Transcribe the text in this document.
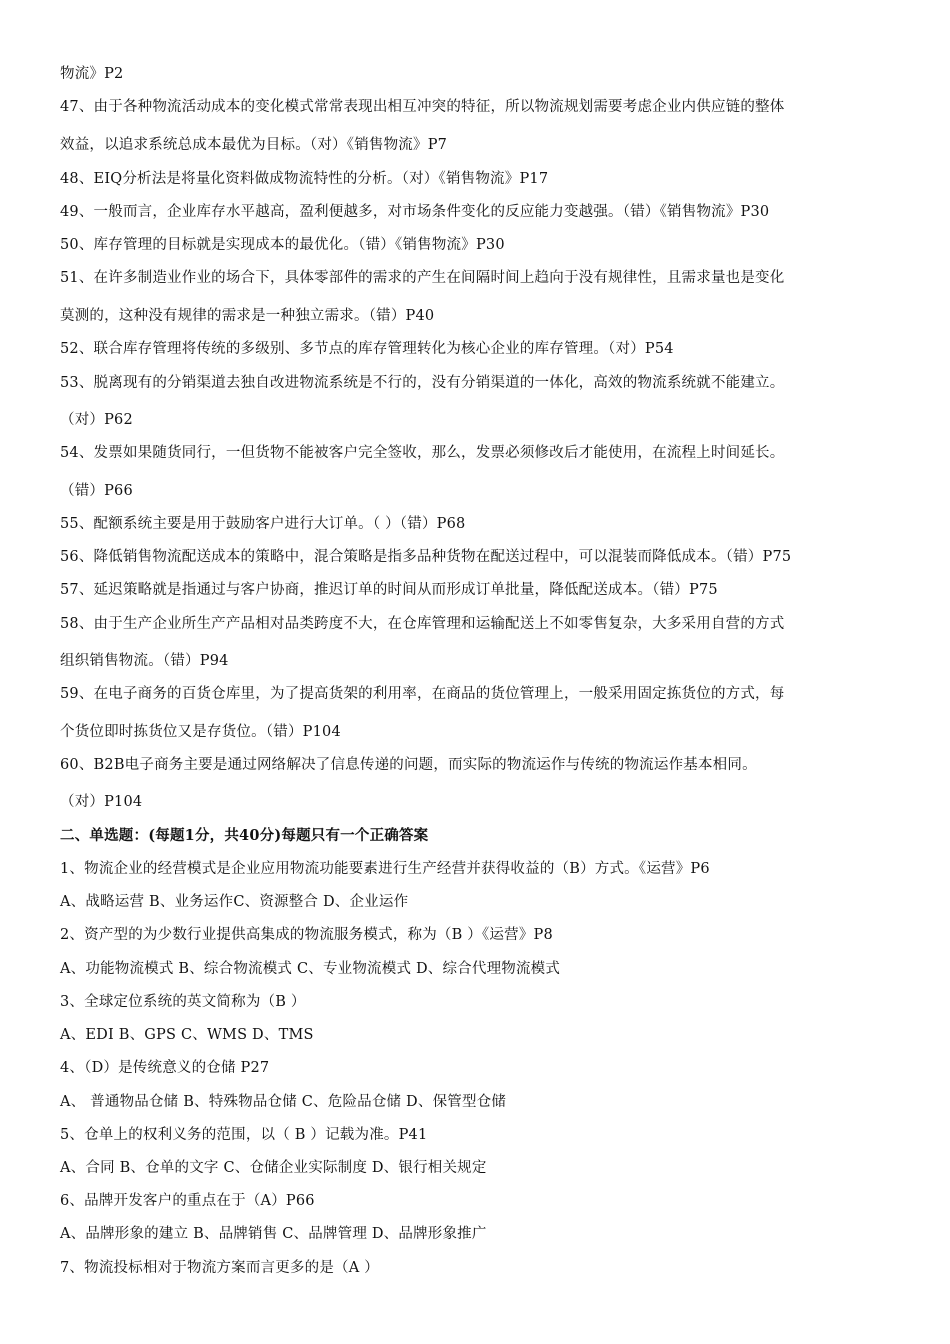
物流》P2
47、由于各种物流活动成本的变化模式常常表现出相互冲突的特征，所以物流规划需要考虑企业内供应链的整体
效益，以追求系统总成本最优为目标。（对）《销售物流》P7
48、EIQ分析法是将量化资料做成物流特性的分析。（对）《销售物流》P17
49、一般而言，企业库存水平越高，盈利便越多，对市场条件变化的反应能力变越强。（错）《销售物流》P30
50、库存管理的目标就是实现成本的最优化。（错）《销售物流》P30
51、在许多制造业作业的场合下，具体零部件的需求的产生在间隔时间上趋向于没有规律性，且需求量也是变化
莫测的，这种没有规律的需求是一种独立需求。（错）P40
52、联合库存管理将传统的多级别、多节点的库存管理转化为核心企业的库存管理。（对）P54
53、脱离现有的分销渠道去独自改进物流系统是不行的，没有分销渠道的一体化，高效的物流系统就不能建立。
（对）P62
54、发票如果随货同行，一但货物不能被客户完全签收，那么，发票必须修改后才能使用，在流程上时间延长。
（错）P66
55、配额系统主要是用于鼓励客户进行大订单。（ ）（错）P68
56、降低销售物流配送成本的策略中，混合策略是指多品种货物在配送过程中，可以混装而降低成本。（错）P75
57、延迟策略就是指通过与客户协商，推迟订单的时间从而形成订单批量，降低配送成本。（错）P75
58、由于生产企业所生产产品相对品类跨度不大，在仓库管理和运输配送上不如零售复杂，大多采用自营的方式
组织销售物流。（错）P94
59、在电子商务的百货仓库里，为了提高货架的利用率，在商品的货位管理上，一般采用固定拣货位的方式，每
个货位即时拣货位又是存货位。（错）P104
60、B2B电子商务主要是通过网络解决了信息传递的问题，而实际的物流运作与传统的物流运作基本相同。
（对）P104
二、单选题：(每题1分，共40分)每题只有一个正确答案
1、物流企业的经营模式是企业应用物流功能要素进行生产经营并获得收益的（B）方式。《运营》P6
A、战略运营 B、业务运作C、资源整合 D、企业运作
2、资产型的为少数行业提供高集成的物流服务模式，称为（B ）《运营》P8
A、功能物流模式 B、综合物流模式 C、专业物流模式 D、综合代理物流模式
3、全球定位系统的英文简称为（B ）
A、EDI B、GPS C、WMS D、TMS
4、（D）是传统意义的仓储 P27
A、 普通物品仓储 B、特殊物品仓储 C、危险品仓储 D、保管型仓储
5、仓单上的权利义务的范围，以（ B ）记载为准。P41
A、合同 B、仓单的文字 C、仓储企业实际制度 D、银行相关规定
6、品牌开发客户的重点在于（A）P66
A、品牌形象的建立 B、品牌销售 C、品牌管理 D、品牌形象推广
7、物流投标相对于物流方案而言更多的是（A ）
